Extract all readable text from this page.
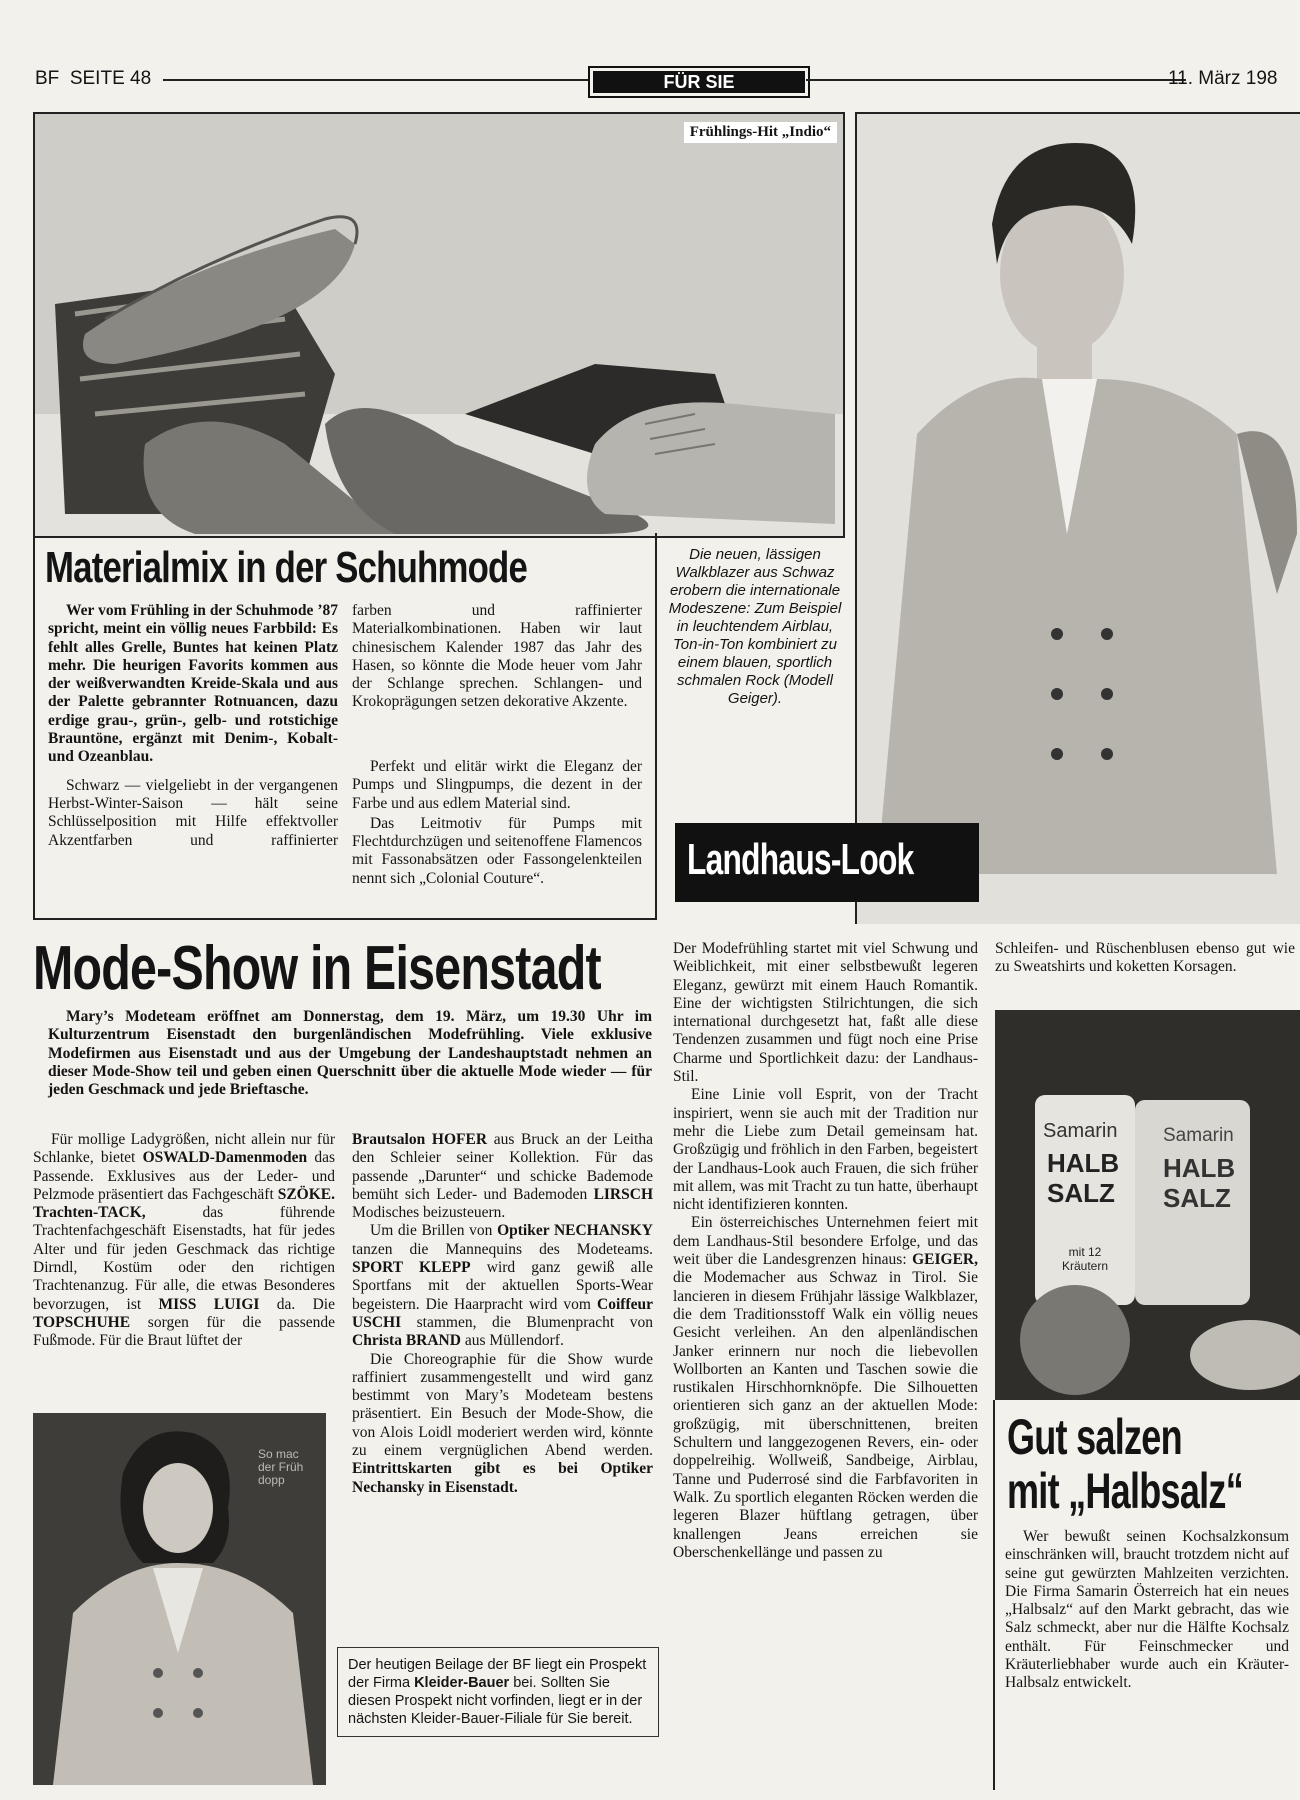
BF  SEITE 48	FÜR SIE	11. März 198
Frühlings-Hit „Indio“
Materialmix in der Schuhmode

Wer vom Frühling in der Schuhmode ’87 spricht, meint ein völlig neues Farbbild: Es fehlt alles Grelle, Buntes hat keinen Platz mehr. Die heurigen Favorits kommen aus der weißverwandten Kreide-Skala und aus der Palette gebrannter Rotnuancen, dazu erdige grau-, grün-, gelb- und rotstichige Brauntöne, ergänzt mit Denim-, Kobalt- und Ozeanblau.

Schwarz — vielgeliebt in der vergangenen Herbst-Winter-Saison — hält seine Schlüsselposition mit Hilfe effektvoller Akzentfarben und raffinierter

farben und raffinierter Materialkombinationen. Haben wir laut chinesischem Kalender 1987 das Jahr des Hasen, so könnte die Mode heuer vom Jahr der Schlange sprechen. Schlangen- und Krokoprägungen setzen dekorative Akzente.

Perfekt und elitär wirkt die Eleganz der Pumps und Slingpumps, die dezent in der Farbe und aus edlem Material sind.

Das Leitmotiv für Pumps mit Flechtdurchzügen und seitenoffene Flamencos mit Fassonabsätzen oder Fassongelenkteilen nennt sich „Colonial Couture“.

Die neuen, lässigen Walkblazer aus Schwaz erobern die internationale Modeszene: Zum Beispiel in leuchtendem Airblau, Ton-in-Ton kombiniert zu einem blauen, sportlich schmalen Rock (Modell Geiger).
Landhaus-Look
Mode-Show in Eisenstadt

Mary’s Modeteam eröffnet am Donnerstag, dem 19. März, um 19.30 Uhr im Kulturzentrum Eisenstadt den burgenländischen Modefrühling. Viele exklusive Modefirmen aus Eisenstadt und aus der Umgebung der Landeshauptstadt nehmen an dieser Mode-Show teil und geben einen Querschnitt über die aktuelle Mode wieder — für jeden Geschmack und jede Brieftasche.

Für mollige Ladygrößen, nicht allein nur für Schlanke, bietet OSWALD-Damenmoden das Passende. Exklusives aus der Leder- und Pelzmode präsentiert das Fachgeschäft SZÖKE. Trachten-TACK, das führende Trachtenfachgeschäft Eisenstadts, hat für jedes Alter und für jeden Geschmack das richtige Dirndl, Kostüm oder den richtigen Trachtenanzug. Für alle, die etwas Besonderes bevorzugen, ist MISS LUIGI da. Die TOPSCHUHE sorgen für die passende Fußmode. Für die Braut lüftet der

Brautsalon HOFER aus Bruck an der Leitha den Schleier seiner Kollektion. Für das passende „Darunter“ und schicke Bademode bemüht sich Leder- und Bademoden LIRSCH Modisches beizusteuern.

Um die Brillen von Optiker NECHANSKY tanzen die Mannequins des Modeteams. SPORT KLEPP wird ganz gewiß alle Sportfans mit der aktuellen Sports-Wear begeistern. Die Haarpracht wird vom Coiffeur USCHI stammen, die Blumenpracht von Christa BRAND aus Müllendorf.

Die Choreographie für die Show wurde raffiniert zusammengestellt und wird ganz bestimmt von Mary’s Modeteam bestens präsentiert. Ein Besuch der Mode-Show, die von Alois Loidl moderiert werden wird, könnte zu einem vergnüglichen Abend werden. Eintrittskarten gibt es bei Optiker Nechansky in Eisenstadt.

So mac der Früh dopp
Der heutigen Beilage der BF liegt ein Prospekt der Firma Kleider-Bauer bei. Sollten Sie diesen Prospekt nicht vorfinden, liegt er in der nächsten Kleider-Bauer-Filiale für Sie bereit.

Der Modefrühling startet mit viel Schwung und Weiblichkeit, mit einer selbstbewußt legeren Eleganz, gewürzt mit einem Hauch Romantik. Eine der wichtigsten Stilrichtungen, die sich international durchgesetzt hat, faßt alle diese Tendenzen zusammen und fügt noch eine Prise Charme und Sportlichkeit dazu: der Landhaus-Stil.

Eine Linie voll Esprit, von der Tracht inspiriert, wenn sie auch mit der Tradition nur mehr die Liebe zum Detail gemeinsam hat. Großzügig und fröhlich in den Farben, begeistert der Landhaus-Look auch Frauen, die sich früher mit allem, was mit Tracht zu tun hatte, überhaupt nicht identifizieren konnten.

Ein österreichisches Unternehmen feiert mit dem Landhaus-Stil besondere Erfolge, und das weit über die Landesgrenzen hinaus: GEIGER, die Modemacher aus Schwaz in Tirol. Sie lancieren in diesem Frühjahr lässige Walkblazer, die dem Traditionsstoff Walk ein völlig neues Gesicht verleihen. An den alpenländischen Janker erinnern nur noch die liebevollen Wollborten an Kanten und Taschen sowie die rustikalen Hirschhornknöpfe. Die Silhouetten orientieren sich ganz an der aktuellen Mode: großzügig, mit überschnittenen, breiten Schultern und langgezogenen Revers, ein- oder doppelreihig. Wollweiß, Sandbeige, Airblau, Tanne und Puderrosé sind die Farbfavoriten in Walk. Zu sportlich eleganten Röcken werden die legeren Blazer hüftlang getragen, über knallengen Jeans erreichen sie Oberschenkellänge und passen zu

Schleifen- und Rüschenblusen ebenso gut wie zu Sweatshirts und koketten Korsagen.

Samarin
HALB
SALZ
mit 12 Kräutern
Samarin
HALB
SALZ
Gut salzen
mit „Halbsalz“

Wer bewußt seinen Kochsalzkonsum einschränken will, braucht trotzdem nicht auf seine gut gewürzten Mahlzeiten verzichten. Die Firma Samarin Österreich hat ein neues „Halbsalz“ auf den Markt gebracht, das wie Salz schmeckt, aber nur die Hälfte Kochsalz enthält. Für Feinschmecker und Kräuterliebhaber wurde auch ein Kräuter-Halbsalz entwickelt.
